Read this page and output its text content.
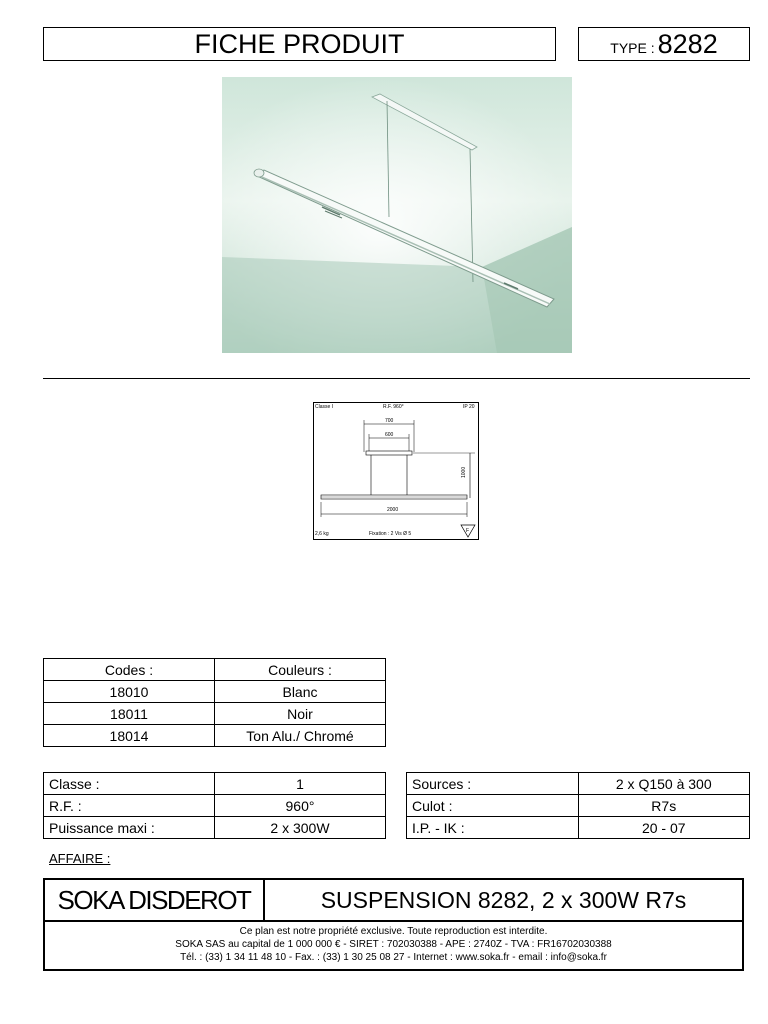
FICHE PRODUIT	TYPE : 8282
Classe I	R.F. 960°	IP 20
700
600
1000
2000
2,6 kg	Fixation : 2 Vis Ø 5	F
Codes :	Couleurs :
18010	Blanc
18011	Noir
18014	Ton Alu./ Chromé
Classe :	1
R.F. :	960°
Puissance maxi :	2 x 300W
Sources :	2 x Q150 à 300
Culot :	R7s
I.P. - IK :	20 - 07
AFFAIRE :
SOKA DISDEROT	SUSPENSION 8282, 2 x 300W R7s
Ce plan est notre propriété exclusive. Toute reproduction est interdite.
SOKA SAS au capital de 1 000 000 € - SIRET : 702030388 - APE : 2740Z - TVA : FR16702030388
Tél. : (33) 1 34 11 48 10 - Fax. : (33) 1 30 25 08 27 - Internet : www.soka.fr - email : info@soka.fr
